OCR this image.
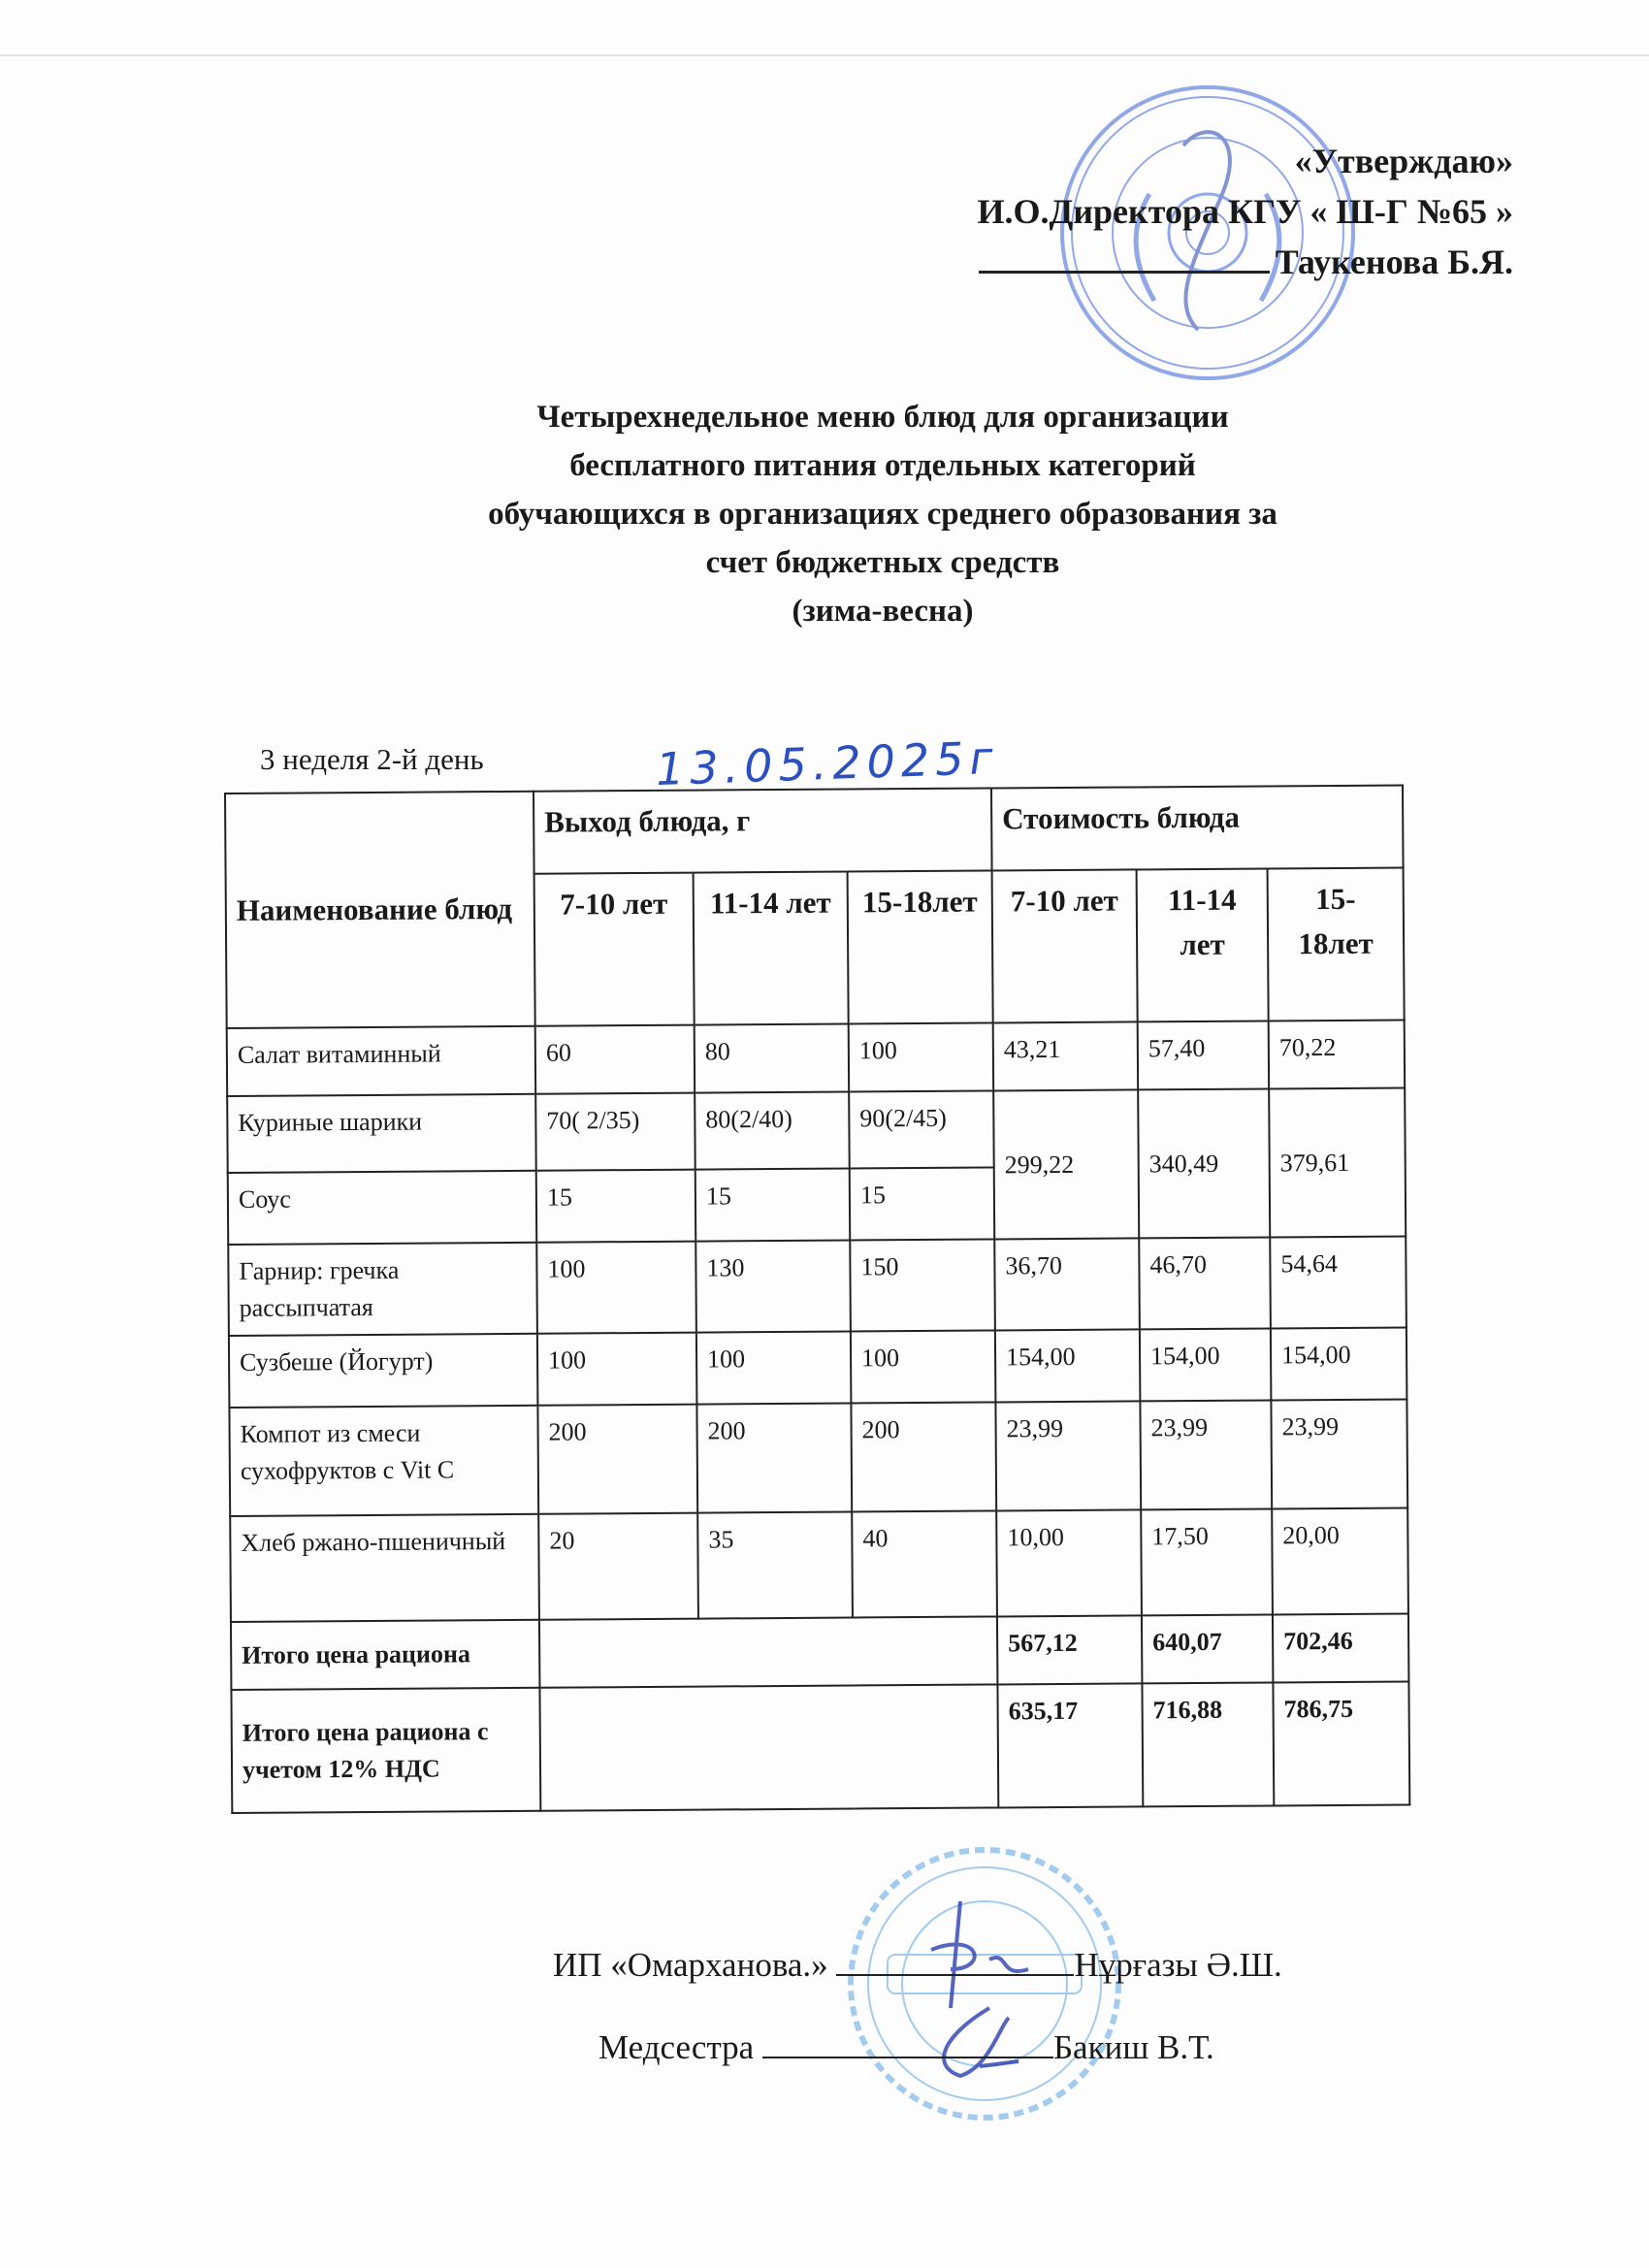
«Утверждаю»
И.О.Директора КГУ « Ш-Г №65 »
Таукенова Б.Я.
Четырехнедельное меню блюд для организации
бесплатного питания отдельных категорий
обучающихся в организациях среднего образования за
счет бюджетных средств
(зима-весна)
3 неделя 2-й день	13.05.2025г
Наименование блюд	Выход блюда, г			Стоимость блюда		
	7-10 лет	11-14 лет	15-18лет	7-10 лет	11-14 лет	15-18лет
Салат витаминный	60	80	100	43,21	57,40	70,22
Куриные шарики	70( 2/35)	80(2/40)	90(2/45)	299,22	340,49	379,61
Соус	15	15	15			
Гарнир: гречка рассыпчатая	100	130	150	36,70	46,70	54,64
Сузбеше (Йогурт)	100	100	100	154,00	154,00	154,00
Компот из смеси сухофруктов с Vit C	200	200	200	23,99	23,99	23,99
Хлеб ржано-пшеничный	20	35	40	10,00	17,50	20,00
Итого цена рациона				567,12	640,07	702,46
Итого цена рациона с учетом 12% НДС				635,17	716,88	786,75
ИП «Омарханова.»	Нұрғазы Ә.Ш.
Медсестра	Бакиш В.Т.
